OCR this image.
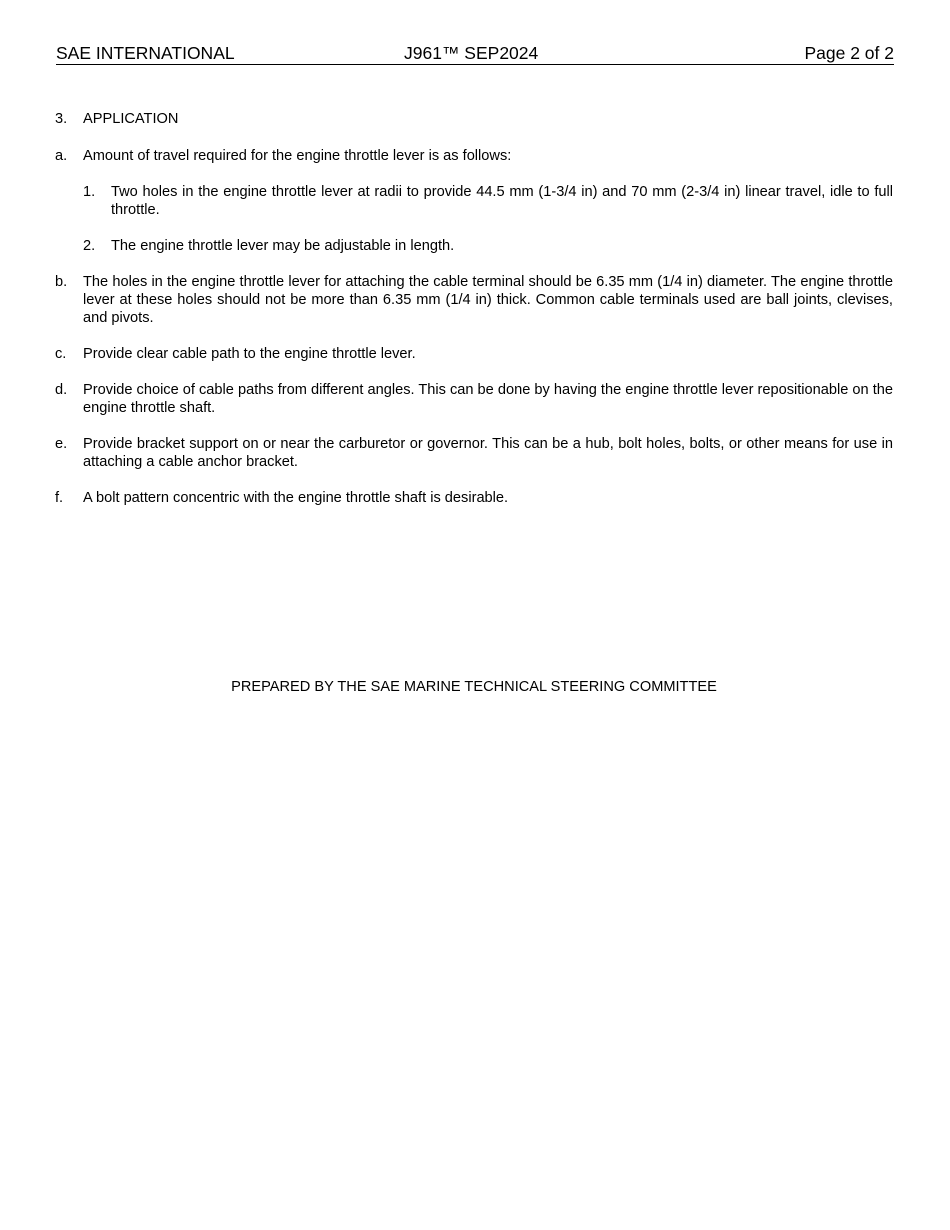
SAE INTERNATIONAL	J961™ SEP2024	Page 2 of 2
3.	APPLICATION
a.	Amount of travel required for the engine throttle lever is as follows:
1.	Two holes in the engine throttle lever at radii to provide 44.5 mm (1-3/4 in) and 70 mm (2-3/4 in) linear travel, idle to full throttle.
2.	The engine throttle lever may be adjustable in length.
b.	The holes in the engine throttle lever for attaching the cable terminal should be 6.35 mm (1/4 in) diameter. The engine throttle lever at these holes should not be more than 6.35 mm (1/4 in) thick. Common cable terminals used are ball joints, clevises, and pivots.
c.	Provide clear cable path to the engine throttle lever.
d.	Provide choice of cable paths from different angles. This can be done by having the engine throttle lever repositionable on the engine throttle shaft.
e.	Provide bracket support on or near the carburetor or governor. This can be a hub, bolt holes, bolts, or other means for use in attaching a cable anchor bracket.
f.	A bolt pattern concentric with the engine throttle shaft is desirable.
PREPARED BY THE SAE MARINE TECHNICAL STEERING COMMITTEE
